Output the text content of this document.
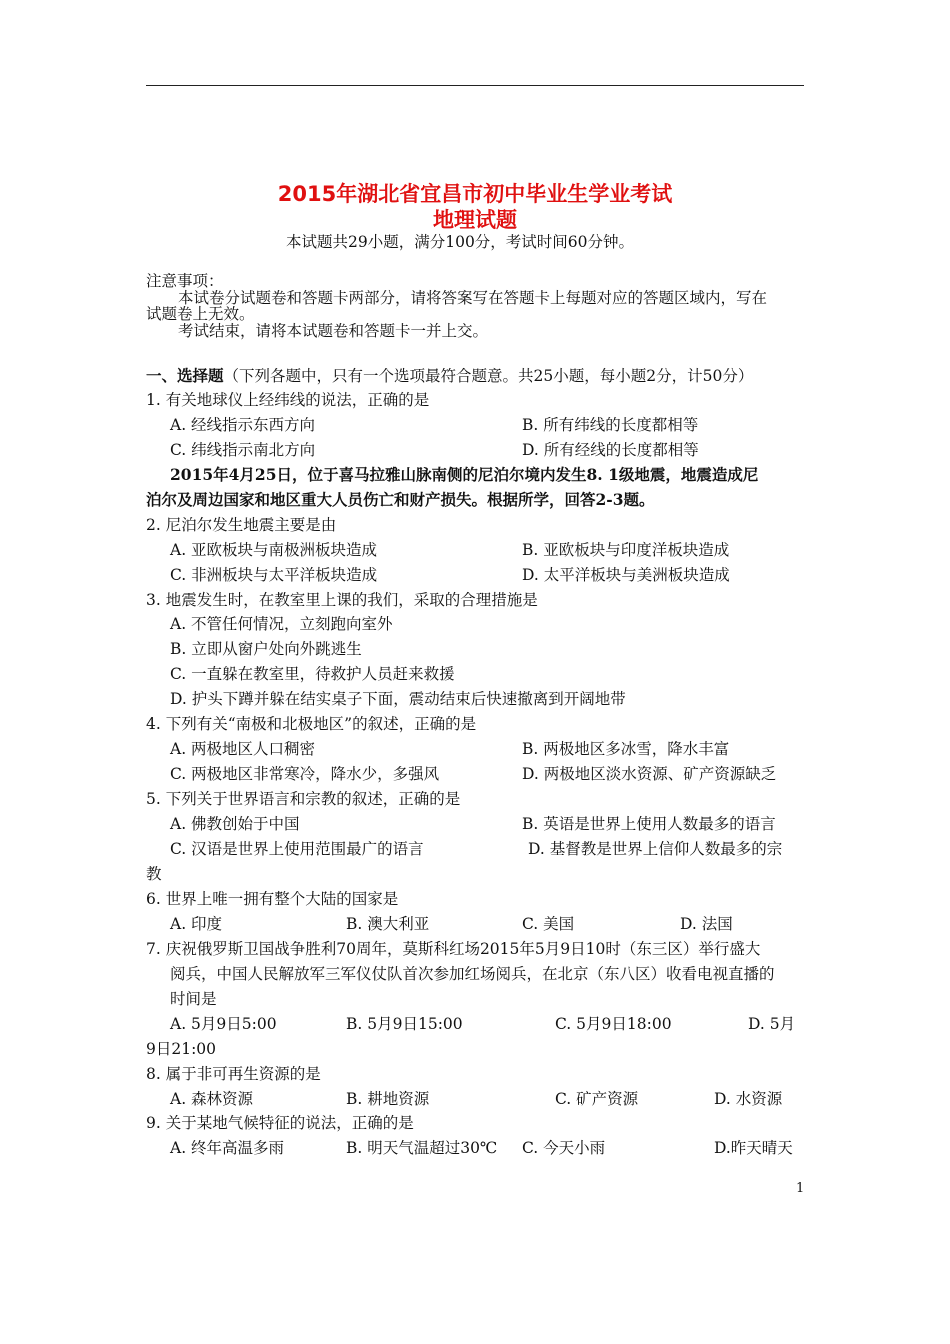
2015年湖北省宜昌市初中毕业生学业考试
地理试题
本试题共29小题，满分100分，考试时间60分钟。
注意事项：
本试卷分试题卷和答题卡两部分，请将答案写在答题卡上每题对应的答题区域内，写在
试题卷上无效。
考试结束，请将本试题卷和答题卡一并上交。
一、选择题（下列各题中，只有一个选项最符合题意。共25小题，每小题2分，计50分）
1. 有关地球仪上经纬线的说法，正确的是
A. 经线指示东西方向	B. 所有纬线的长度都相等
C. 纬线指示南北方向	D. 所有经线的长度都相等
2015年4月25日，位于喜马拉雅山脉南侧的尼泊尔境内发生8. 1级地震，地震造成尼
泊尔及周边国家和地区重大人员伤亡和财产损失。根据所学，回答2-3题。
2. 尼泊尔发生地震主要是由
A. 亚欧板块与南极洲板块造成	B. 亚欧板块与印度洋板块造成
C. 非洲板块与太平洋板块造成	D. 太平洋板块与美洲板块造成
3. 地震发生时，在教室里上课的我们，采取的合理措施是
A. 不管任何情况，立刻跑向室外
B. 立即从窗户处向外跳逃生
C. 一直躲在教室里，待救护人员赶来救援
D. 护头下蹲并躲在结实桌子下面，震动结束后快速撤离到开阔地带
4. 下列有关“南极和北极地区”的叙述，正确的是
A. 两极地区人口稠密	B. 两极地区多冰雪，降水丰富
C. 两极地区非常寒冷，降水少，多强风	D. 两极地区淡水资源、矿产资源缺乏
5. 下列关于世界语言和宗教的叙述，正确的是
A. 佛教创始于中国	B. 英语是世界上使用人数最多的语言
C. 汉语是世界上使用范围最广的语言	D. 基督教是世界上信仰人数最多的宗
教
6. 世界上唯一拥有整个大陆的国家是
A. 印度	B. 澳大利亚	C. 美国	D. 法国
7. 庆祝俄罗斯卫国战争胜利70周年，莫斯科红场2015年5月9日10时（东三区）举行盛大
阅兵，中国人民解放军三军仪仗队首次参加红场阅兵，在北京（东八区）收看电视直播的
时间是
A. 5月9日5:00	B. 5月9日15:00	C. 5月9日18:00	D. 5月
9日21:00
8. 属于非可再生资源的是
A. 森林资源	B. 耕地资源	C. 矿产资源	D. 水资源
9. 关于某地气候特征的说法，正确的是
A. 终年高温多雨	B. 明天气温超过30℃ C. 今天小雨	D.昨天晴天
1
